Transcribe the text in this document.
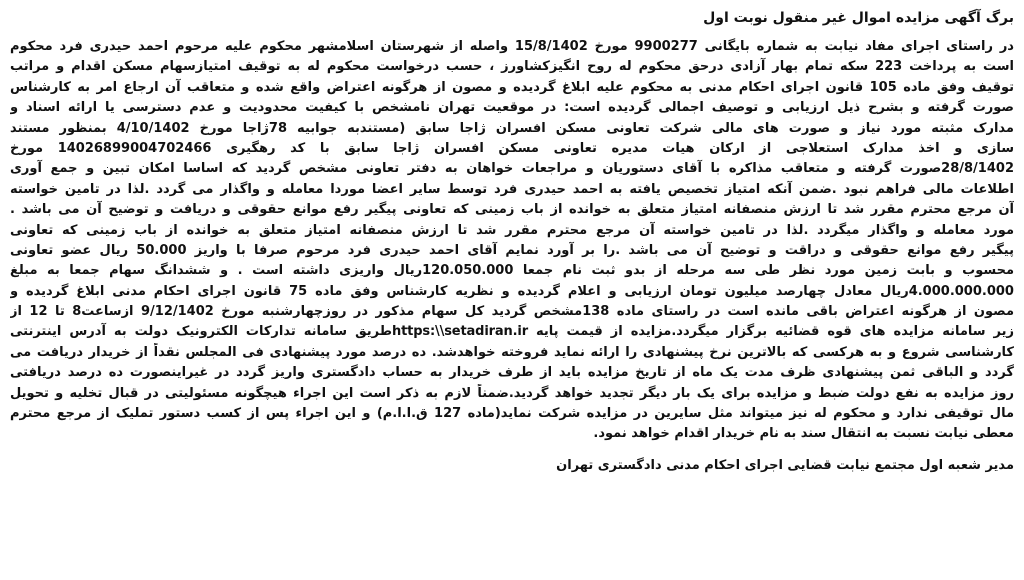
برگ آگهی مزایده اموال غیر منقول نوبت اول
در راستای اجرای مفاد نیابت به شماره بایگانی 9900277 مورخ 15/8/1402 واصله از شهرستان اسلامشهر محکوم علیه مرحوم احمد حیدری فرد محکوم
است به پرداخت 223 سکه تمام بهار آزادی درحق محکوم له روح انگیزکشاورز ، حسب درخواست محکوم له به توقیف امتیازسهام مسکن اقدام و مراتب
توقیف وفق ماده 105 قانون اجرای احکام مدنی به محکوم علیه ابلاغ گردیده و مصون از هرگونه اعتراض واقع شده و متعاقب آن ارجاع امر به کارشناس
صورت گرفته و بشرح ذیل ارزیابی و توصیف اجمالی گردیده است: در موقعیت تهران نامشخص با کیفیت محدودیت و عدم دسترسی یا ارائه اسناد و
مدارک مثبته مورد نیاز و صورت های مالی شرکت تعاونی مسکن افسران ژاجا سابق (مستندبه جوابیه 78ژاجا مورخ 4/10/1402 بمنظور مستند
سازی و اخذ مدارک استعلاجی از ارکان هیات مدیره تعاونی مسکن افسران ژاجا سابق با کد رهگیری 14026899004702466 مورخ
28/8/1402صورت گرفته و متعاقب مذاکره با آقای دستوریان و مراجعات خواهان به دفتر تعاونی مشخص گردید که اساسا امکان تبین و جمع آوری
اطلاعات مالی فراهم نبود .ضمن آنکه امتیاز تخصیص یافته به احمد حیدری فرد توسط سایر اعضا موردا معامله و واگذار می گردد .لذا در تامین خواسته
آن مرجع محترم مقرر شد تا ارزش منصفانه امتیاز متعلق به خوانده از باب زمینی که تعاونی پیگیر رفع موانع حقوقی و دریافت و توضیح آن می باشد .
مورد معامله و واگذار میگردد .لذا در تامین خواسته آن مرجع محترم مقرر شد تا ارزش منصفانه امتیاز متعلق به خوانده از باب زمینی که تعاونی
پیگیر رفع موانع حقوقی و دراقت و توضیح آن می باشد .را بر آورد نمایم آقای احمد حیدری فرد مرحوم صرفا با واریز 50.000 ریال عضو تعاونی
محسوب و بابت زمین مورد نظر طی سه مرحله از بدو ثبت نام جمعا 120.050.000ریال واریزی داشته است . و ششدانگ سهام جمعا به مبلغ
4.000.000.000ریال معادل چهارصد میلیون تومان ارزیابی و اعلام گردیده و نظریه کارشناس وفق ماده 75 قانون اجرای احکام مدنی ابلاغ گردیده و
مصون از هرگونه اعتراض باقی مانده است در راستای ماده 138مشخص گردید کل سهام مذکور در روزچهارشنبه مورخ 9/12/1402 ازساعت8 تا 12 از
زیر سامانه مزایده های قوه قضائیه برگزار میگردد.مزایده از قیمت پایه https:\\setadiran.irطریق سامانه تدارکات الکترونیک دولت به آدرس اینترنتی
کارشناسی شروع و به هرکسی که بالاترین نرخ پیشنهادی را ارائه نماید فروخته خواهدشد. ده درصد مورد پیشنهادی فی المجلس نقداً از خریدار دریافت می
گردد و الباقی ثمن پیشنهادی ظرف مدت یک ماه از تاریخ مزایده باید از طرف خریدار به حساب دادگستری واریز گردد در غیراینصورت ده درصد دریافتی
روز مزایده به نفع دولت ضبط و مزایده برای یک بار دیگر تجدید خواهد گردید.ضمناً لازم به ذکر است این اجراء هیچگونه مسئولیتی در قبال تخلیه و تحویل
مال توقیفی ندارد و محکوم له نیز میتواند مثل سایرین در مزایده شرکت نماید(ماده 127 ق.ا.ا.م) و این اجراء پس از کسب دستور تملیک از مرجع محترم
معطی نیابت نسبت به انتقال سند به نام خریدار اقدام خواهد نمود.
مدیر شعبه اول مجتمع نیابت قضایی اجرای احکام مدنی دادگستری تهران
